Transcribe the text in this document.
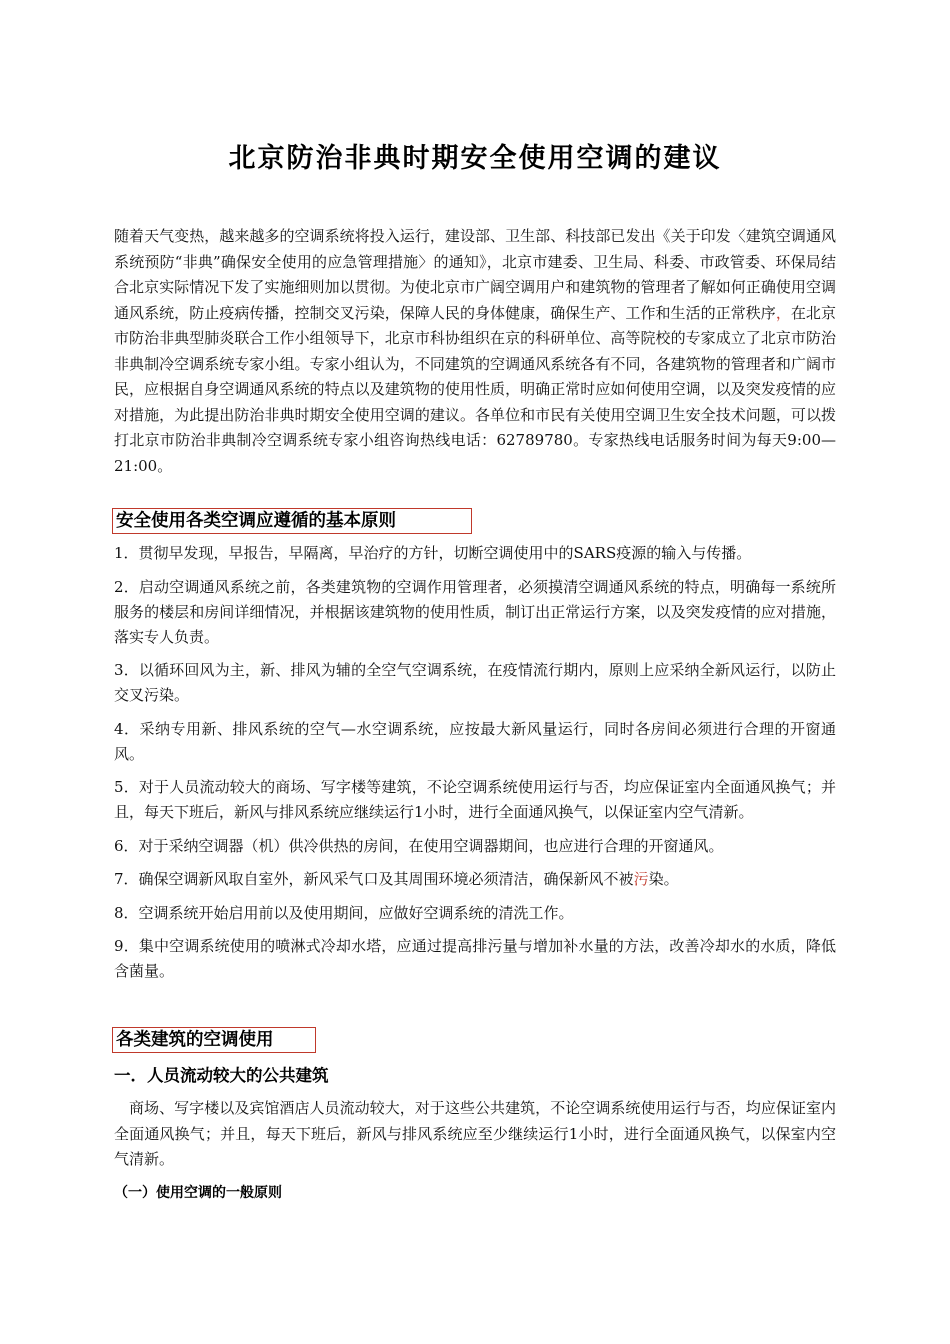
北京防治非典时期安全使用空调的建议
随着天气变热，越来越多的空调系统将投入运行，建设部、卫生部、科技部已发出《关于印发〈建筑空调通风系统预防“非典”确保安全使用的应急管理措施〉的通知》，北京市建委、卫生局、科委、市政管委、环保局结合北京实际情况下发了实施细则加以贯彻。为使北京市广阔空调用户和建筑物的管理者了解如何正确使用空调通风系统，防止疫病传播，控制交叉污染，保障人民的身体健康，确保生产、工作和生活的正常秩序，在北京市防治非典型肺炎联合工作小组领导下，北京市科协组织在京的科研单位、高等院校的专家成立了北京市防治非典制冷空调系统专家小组。专家小组认为，不同建筑的空调通风系统各有不同，各建筑物的管理者和广阔市民，应根据自身空调通风系统的特点以及建筑物的使用性质，明确正常时应如何使用空调，以及突发疫情的应对措施，为此提出防治非典时期安全使用空调的建议。各单位和市民有关使用空调卫生安全技术问题，可以拨打北京市防治非典制冷空调系统专家小组咨询热线电话：62789780。专家热线电话服务时间为每天9:00—21:00。
安全使用各类空调应遵循的基本原则
1．贯彻早发现，早报告，早隔离，早治疗的方针，切断空调使用中的SARS疫源的输入与传播。
2．启动空调通风系统之前，各类建筑物的空调作用管理者，必须摸清空调通风系统的特点，明确每一系统所服务的楼层和房间详细情况，并根据该建筑物的使用性质，制订出正常运行方案，以及突发疫情的应对措施，落实专人负责。
3．以循环回风为主，新、排风为辅的全空气空调系统，在疫情流行期内，原则上应采纳全新风运行，以防止交叉污染。
4．采纳专用新、排风系统的空气—水空调系统，应按最大新风量运行，同时各房间必须进行合理的开窗通风。
5．对于人员流动较大的商场、写字楼等建筑，不论空调系统使用运行与否，均应保证室内全面通风换气；并且，每天下班后，新风与排风系统应继续运行1小时，进行全面通风换气，以保证室内空气清新。
6．对于采纳空调器（机）供冷供热的房间，在使用空调器期间，也应进行合理的开窗通风。
7．确保空调新风取自室外，新风采气口及其周围环境必须清洁，确保新风不被污染。
8．空调系统开始启用前以及使用期间，应做好空调系统的清洗工作。
9．集中空调系统使用的喷淋式冷却水塔，应通过提高排污量与增加补水量的方法，改善冷却水的水质，降低含菌量。
各类建筑的空调使用
一．人员流动较大的公共建筑
商场、写字楼以及宾馆酒店人员流动较大，对于这些公共建筑，不论空调系统使用运行与否，均应保证室内全面通风换气；并且，每天下班后，新风与排风系统应至少继续运行1小时，进行全面通风换气，以保室内空气清新。
（一）使用空调的一般原则
